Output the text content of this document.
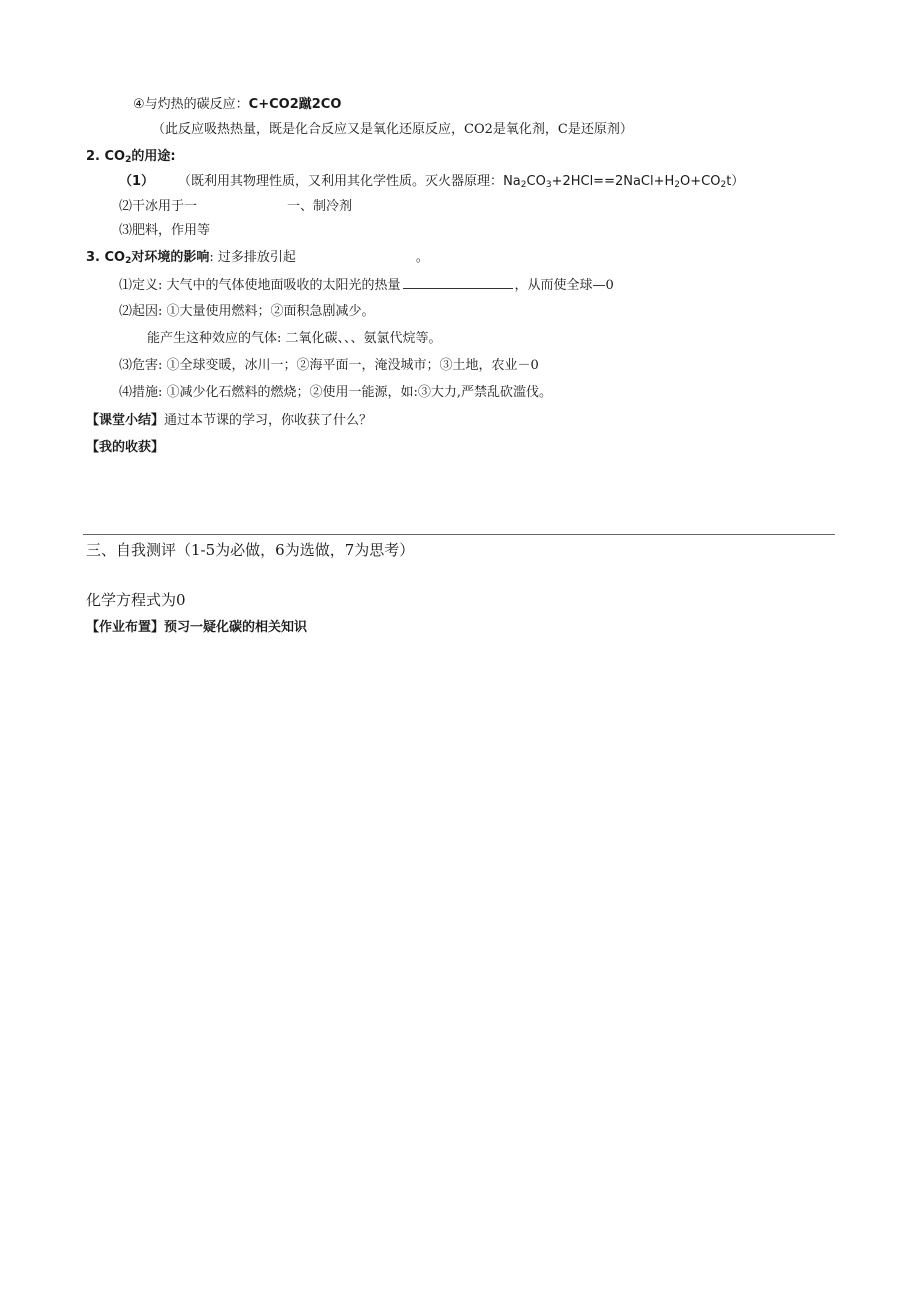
④与灼热的碳反应：C+CO2蹴2CO
（此反应吸热热量，既是化合反应又是氧化还原反应，CO2是氧化剂，C是还原剂）
2. $CO_2$的用途:
（1） （既利用其物理性质，又利用其化学性质。灭火器原理：$Na_2CO_3+2HCl==2NaCl+H_2O+CO_2t$）
⑵干冰用于一	一、制冷剂
⑶肥料，作用等
3. $CO_2$对环境的影响: 过多排放引起	。
⑴定义: 大气中的气体使地面吸收的太阳光的热量	，从而使全球—0
⑵起因: ①大量使用燃料；②面积急剧减少。
能产生这种效应的气体: 二氧化碳、、、氨氯代烷等。
⑶危害: ①全球变暖，冰川一；②海平面一，淹没城市；③土地，农业－0
⑷措施: ①减少化石燃料的燃烧；②使用一能源，如:③大力,严禁乱砍滥伐。
【课堂小结】通过本节课的学习，你收获了什么？
【我的收获】
三、自我测评（1-5为必做，6为选做，7为思考）
化学方程式为0
【作业布置】预习一疑化碳的相关知识
